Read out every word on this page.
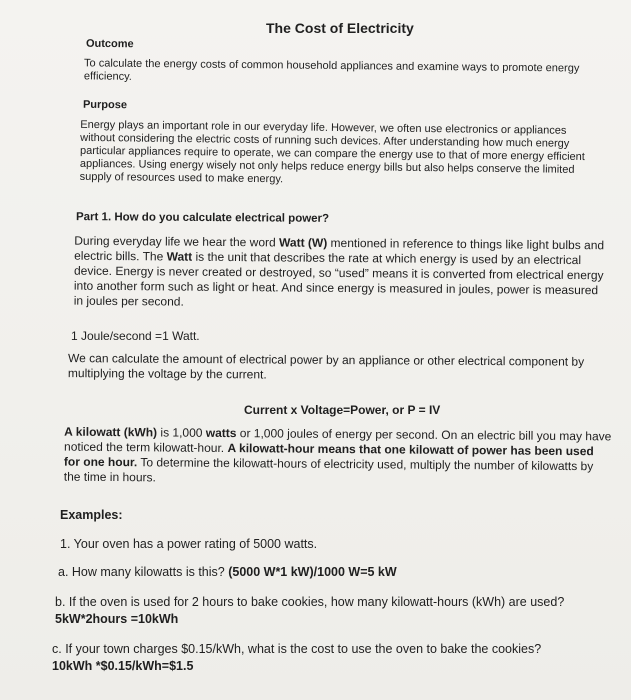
The Cost of Electricity
Outcome
To calculate the energy costs of common household appliances and examine ways to promote energy efficiency.
Purpose
Energy plays an important role in our everyday life. However, we often use electronics or appliances without considering the electric costs of running such devices. After understanding how much energy particular appliances require to operate, we can compare the energy use to that of more energy efficient appliances. Using energy wisely not only helps reduce energy bills but also helps conserve the limited supply of resources used to make energy.
Part 1. How do you calculate electrical power?
During everyday life we hear the word Watt (W) mentioned in reference to things like light bulbs and electric bills. The Watt is the unit that describes the rate at which energy is used by an electrical device. Energy is never created or destroyed, so “used” means it is converted from electrical energy into another form such as light or heat. And since energy is measured in joules, power is measured in joules per second.
1 Joule/second =1 Watt.
We can calculate the amount of electrical power by an appliance or other electrical component by multiplying the voltage by the current.
Current x Voltage=Power, or P = IV
A kilowatt (kWh) is 1,000 watts or 1,000 joules of energy per second. On an electric bill you may have noticed the term kilowatt-hour. A kilowatt-hour means that one kilowatt of power has been used for one hour. To determine the kilowatt-hours of electricity used, multiply the number of kilowatts by the time in hours.
Examples:
1. Your oven has a power rating of 5000 watts.
a. How many kilowatts is this? (5000 W*1 kW)/1000 W=5 kW
b. If the oven is used for 2 hours to bake cookies, how many kilowatt-hours (kWh) are used?
5kW*2hours =10kWh
c. If your town charges $0.15/kWh, what is the cost to use the oven to bake the cookies?
10kWh *$0.15/kWh=$1.5
